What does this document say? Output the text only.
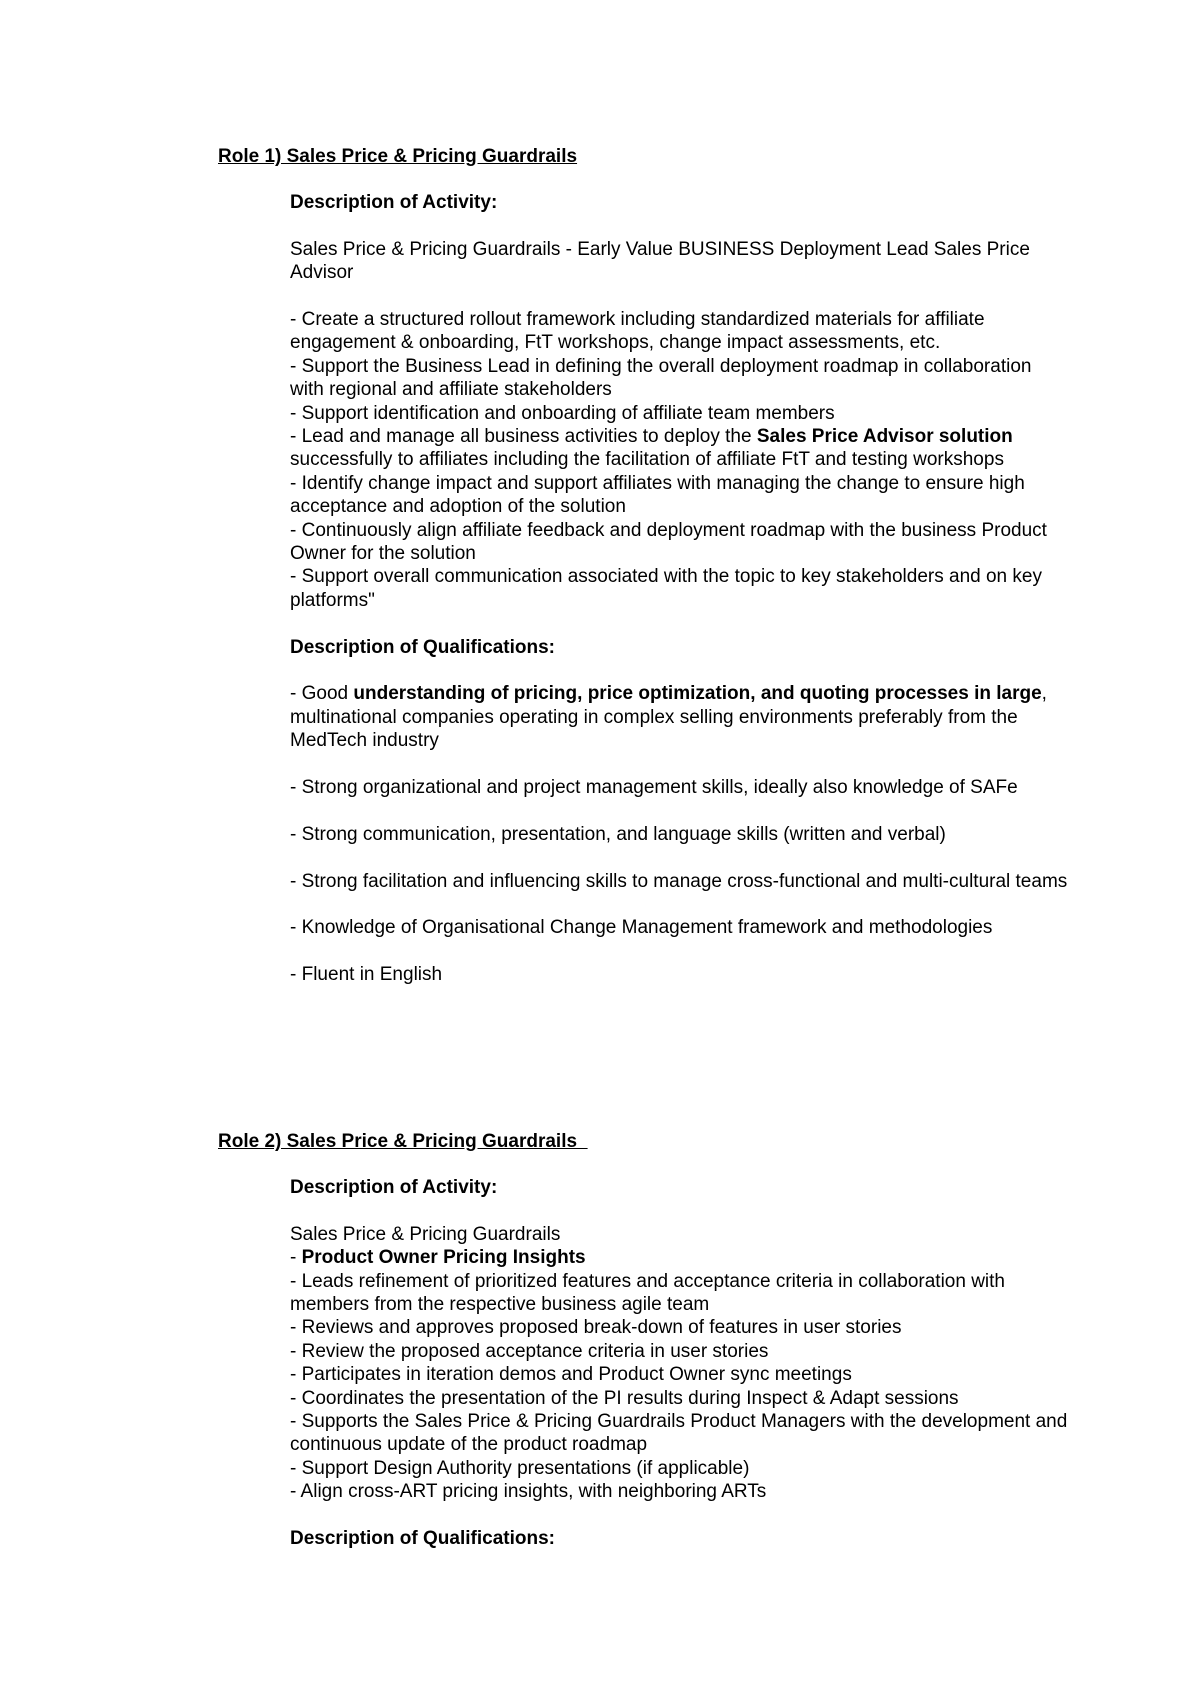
Role 1) Sales Price & Pricing Guardrails

Description of Activity:

Sales Price & Pricing Guardrails - Early Value BUSINESS Deployment Lead Sales Price Advisor

- Create a structured rollout framework including standardized materials for affiliate engagement & onboarding, FtT workshops, change impact assessments, etc.

- Support the Business Lead in defining the overall deployment roadmap in collaboration with regional and affiliate stakeholders

- Support identification and onboarding of affiliate team members

- Lead and manage all business activities to deploy the Sales Price Advisor solution successfully to affiliates including the facilitation of affiliate FtT and testing workshops

- Identify change impact and support affiliates with managing the change to ensure high acceptance and adoption of the solution

- Continuously align affiliate feedback and deployment roadmap with the business Product Owner for the solution

- Support overall communication associated with the topic to key stakeholders and on key platforms"

Description of Qualifications:

- Good understanding of pricing, price optimization, and quoting processes in large, multinational companies operating in complex selling environments preferably from the MedTech industry

- Strong organizational and project management skills, ideally also knowledge of SAFe

- Strong communication, presentation, and language skills (written and verbal)

- Strong facilitation and influencing skills to manage cross-functional and multi-cultural teams

- Knowledge of Organisational Change Management framework and methodologies

- Fluent in English

Role 2) Sales Price & Pricing Guardrails

Description of Activity:

Sales Price & Pricing Guardrails

- Product Owner Pricing Insights

- Leads refinement of prioritized features and acceptance criteria in collaboration with members from the respective business agile team

- Reviews and approves proposed break-down of features in user stories

- Review the proposed acceptance criteria in user stories

- Participates in iteration demos and Product Owner sync meetings

- Coordinates the presentation of the PI results during Inspect & Adapt sessions

- Supports the Sales Price & Pricing Guardrails Product Managers with the development and continuous update of the product roadmap

- Support Design Authority presentations (if applicable)

- Align cross-ART pricing insights, with neighboring ARTs

Description of Qualifications:
